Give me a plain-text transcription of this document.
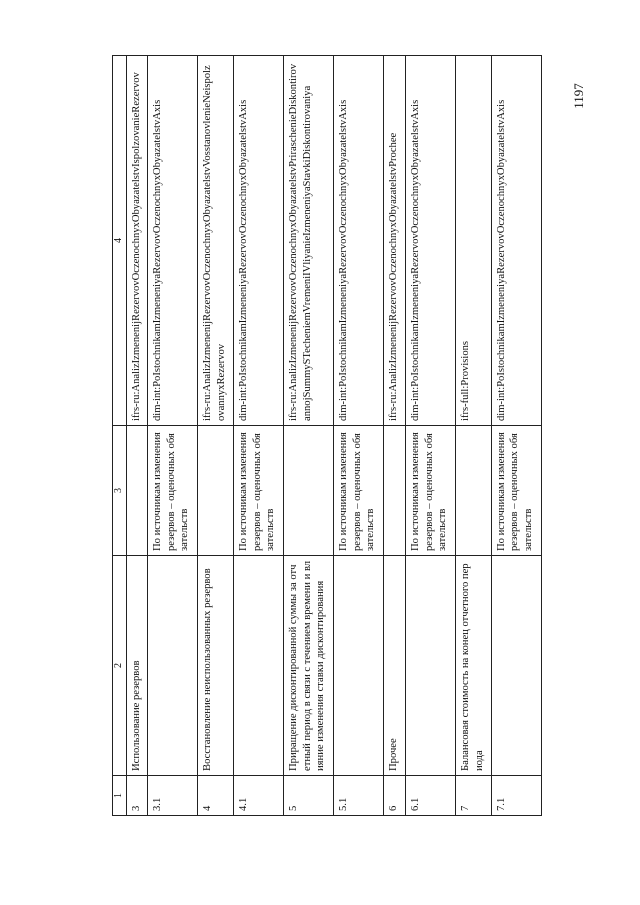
1197
1	2	3	4
3	Использование резервов		ifrs-ru:AnalizIzmenenijRezervovOczenochnyxObyazatelstvIspolzovanieRezervov
3.1		По источникам изменения резервов – оценочных обязательств	dim-int:PoIstochnikamIzmeneniyaRezervovOczenochnyxObyazatelstvAxis
4	Восстановление неиспользованных резервов		ifrs-ru:AnalizIzmenenijRezervovOczenochnyxObyazatelstvVosstanovlenieNeispolzovannyxRezervov
4.1		По источникам изменения резервов – оценочных обязательств	dim-int:PoIstochnikamIzmeneniyaRezervovOczenochnyxObyazatelstvAxis
5	Приращение дисконтированной суммы за отчетный период в связи с течением времени и влияние изменения ставки дисконтирования		ifrs-ru:AnalizIzmenenijRezervovOczenochnyxObyazatelstvPriraschenieDiskontirovannojSummySTecheniemVremeniIVliyanieIzmeneniyaStavkiDiskontirovaniya
5.1		По источникам изменения резервов – оценочных обязательств	dim-int:PoIstochnikamIzmeneniyaRezervovOczenochnyxObyazatelstvAxis
6	Прочее		ifrs-ru:AnalizIzmenenijRezervovOczenochnyxObyazatelstvProchee
6.1		По источникам изменения резервов – оценочных обязательств	dim-int:PoIstochnikamIzmeneniyaRezervovOczenochnyxObyazatelstvAxis
7	Балансовая стоимость на конец отчетного периода		ifrs-full:Provisions
7.1		По источникам изменения резервов – оценочных обязательств	dim-int:PoIstochnikamIzmeneniyaRezervovOczenochnyxObyazatelstvAxis
